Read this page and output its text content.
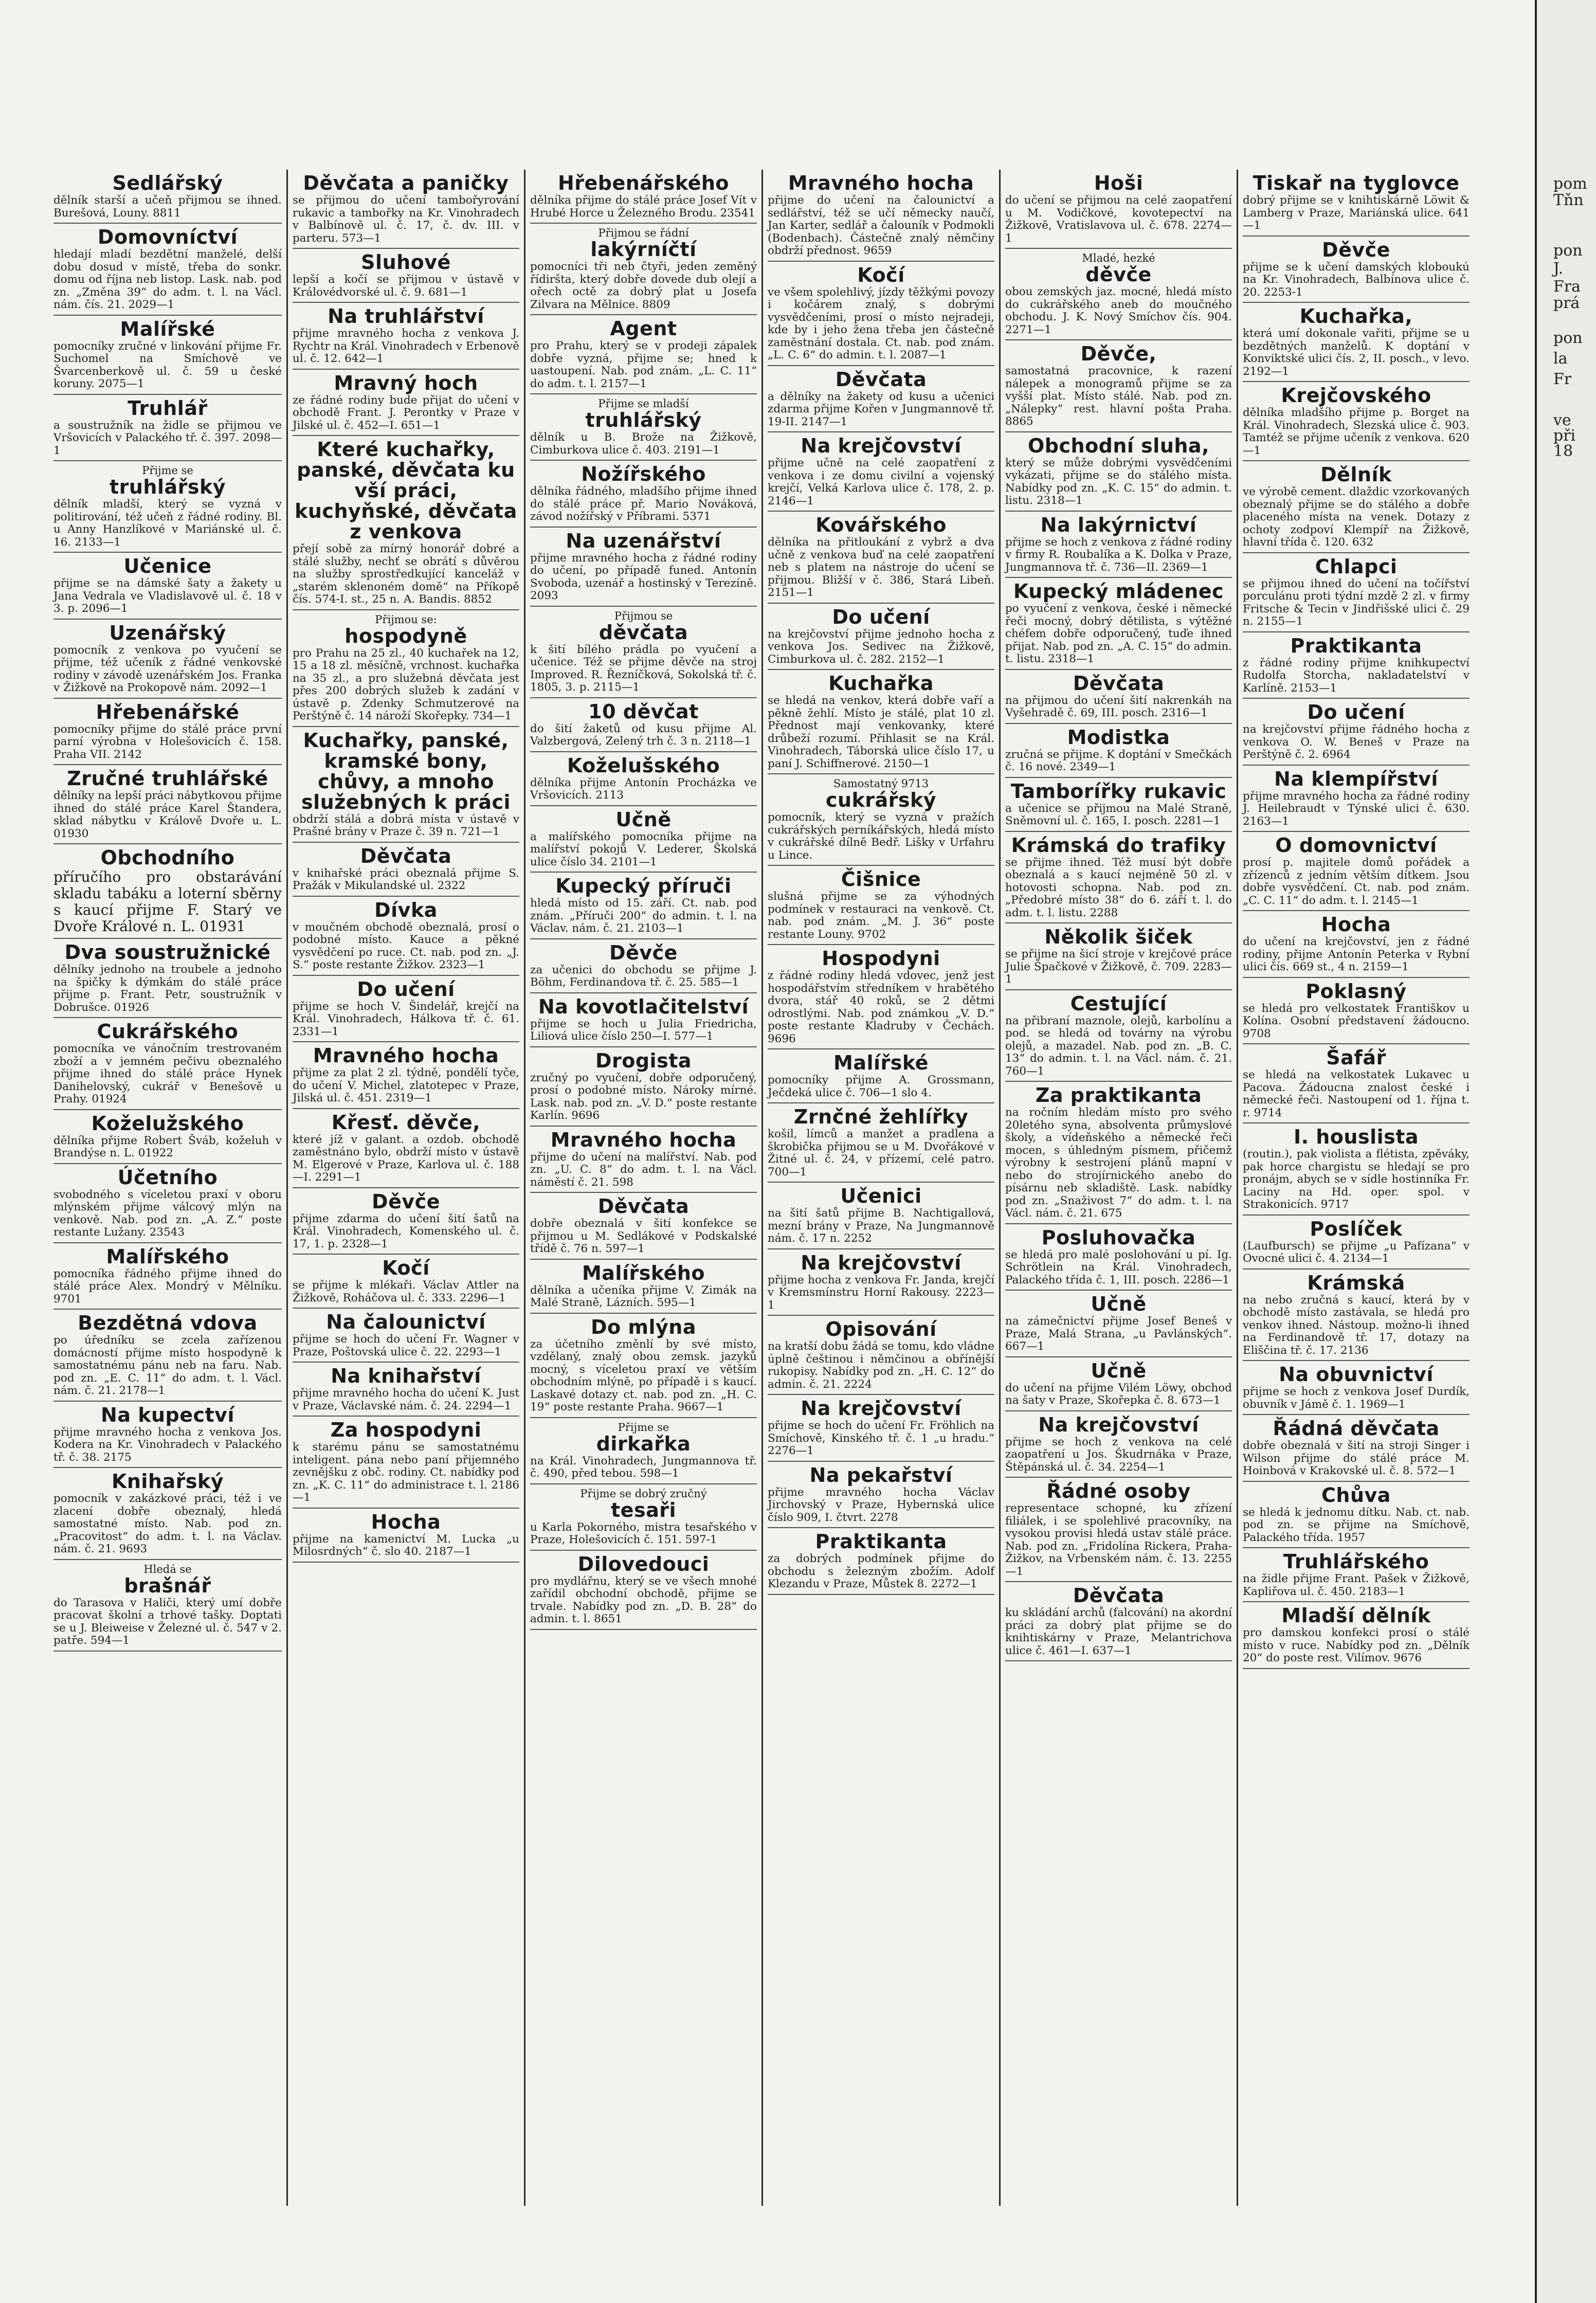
Sedlářský

dělník starší a učeň přijmou se ihned. Burešová, Louny. 8811

Domovníctví

hledají mladí bezdětní manželé, delší dobu dosud v místě, třeba do sonkr. domu od října neb listop. Lask. nab. pod zn. „Změna 39“ do adm. t. l. na Václ. nám. čís. 21. 2029—1

Malířské

pomocníky zručné v linkování přijme Fr. Suchomel na Smíchově ve Švarcenberkově ul. č. 59 u české koruny. 2075—1

Truhlář

a soustružník na židle se přijmou ve Vršovicích v Palackého tř. č. 397. 2098—1

Přijme se

truhlářský

dělník mladší, který se vyzná v politirování, též učeň z řádné rodiny. Bl. u Anny Hanzlíkové v Mariánské ul. č. 16. 2133—1

Učenice

přijme se na dámské šaty a žakety u Jana Vedrala ve Vladislavově ul. č. 18 v 3. p. 2096—1

Uzenářský

pomocník z venkova po vyučení se přijme, též učeník z řádné venkovské rodiny v závodě uzenářském Jos. Franka v Žižkově na Prokopově nám. 2092—1

Hřebenářské

pomocníky přijme do stálé práce první parní výrobna v Holešovicích č. 158. Praha VII. 2142

Zručné truhlářské

dělníky na lepší práci nábytkovou přijme ihned do stálé práce Karel Štandera, sklad nábytku v Králově Dvoře u. L. 01930

Obchodního

příručího pro obstarávání skladu tabáku a loterní sběrny s kaucí přijme F. Starý ve Dvoře Králové n. L. 01931

Dva soustružnické

dělníky jednoho na troubele a jednoho na špičky k dýmkám do stálé práce přijme p. Frant. Petr, soustružník v Dobrušce. 01926

Cukrářského

pomocníka ve vánočním trestrovaném zboží a v jemném pečivu obeznalého přijme ihned do stálé práce Hynek Danihelovský, cukrář v Benešově u Prahy. 01924

Koželužského

dělníka přijme Robert Šváb, koželuh v Brandýse n. L. 01922

Účetního

svobodného s víceletou praxí v oboru mlýnském přijme válcový mlýn na venkově. Nab. pod zn. „A. Z.“ poste restante Lužany. 23543

Malířského

pomocníka řádného přijme ihned do stálé práce Alex. Mondrý v Mělníku. 9701

Bezdětná vdova

po úředníku se zcela zařízenou domácností přijme místo hospodyně k samostatnému pánu neb na faru. Nab. pod zn. „E. C. 11“ do adm. t. l. Václ. nám. č. 21. 2178—1

Na kupectví

přijme mravného hocha z venkova Jos. Kodera na Kr. Vinohradech v Palackého tř. č. 38. 2175

Knihařský

pomocník v zakázkové práci, též i ve zlacení dobře obeznalý, hledá samostatné místo. Nab. pod zn. „Pracovitost“ do adm. t. l. na Václav. nám. č. 21. 9693

Hledá se

brašnář

do Tarasova v Haliči, který umí dobře pracovat školní a trhové tašky. Doptati se u J. Bleiweise v Železné ul. č. 547 v 2. patře. 594—1

Děvčata a paničky

se přijmou do učení tambořyrování rukavic a tambořky na Kr. Vinohradech v Balbínově ul. č. 17, č. dv. III. v parteru. 573—1

Sluhové

lepší a kočí se přijmou v ústavě v Královédvorské ul. č. 9. 681—1

Na truhlářství

přijme mravného hocha z venkova J. Rychtr na Král. Vinohradech v Erbenově ul. č. 12. 642—1

Mravný hoch

ze řádné rodiny bude přijat do učení v obchodě Frant. J. Perontky v Praze v Jilské ul. č. 452—I. 651—1

Které kuchařky, panské, děvčata ku vší práci, kuchyňské, děvčata z venkova

přejí sobě za mírný honorář dobré a stálé služby, nechť se obrátí s důvěrou na služby sprostředkující kanceláž v „starém sklenoném domě“ na Příkopě čís. 574-I. st., 25 n. A. Bandis. 8852

Přijmou se:

hospodyně

pro Prahu na 25 zl., 40 kuchařek na 12, 15 a 18 zl. měsíčně, vrchnost. kuchařka na 35 zl., a pro služebná děvčata jest přes 200 dobrých služeb k zadání v ústavě p. Zdenky Schmutzerové na Perštýně č. 14 nároží Skořepky. 734—1

Kuchařky, panské, kramské bony, chůvy, a mnoho služebných k práci

obdrží stálá a dobrá místa v ústavě v Prašné brány v Praze č. 39 n. 721—1

Děvčata

v knihařské práci obeznalá přijme S. Pražák v Mikulandské ul. 2322

Dívka

v moučném obchodě obeznalá, prosí o podobné místo. Kauce a pěkné vysvědčení po ruce. Ct. nab. pod zn. „J. S.“ poste restante Žižkov. 2323—1

Do učení

přijme se hoch V. Šindelář, krejčí na Král. Vinohradech, Hálkova tř. č. 61. 2331—1

Mravného hocha

přijme za plat 2 zl. týdně, pondělí tyče, do učení V. Michel, zlatotepec v Praze, Jilská ul. č. 451. 2319—1

Křesť. děvče,

které jíž v galant. a ozdob. obchodě zaměstnáno bylo, obdrží místo v ústavě M. Elgerové v Praze, Karlova ul. č. 188—I. 2291—1

Děvče

přijme zdarma do učení šití šatů na Král. Vinohradech, Komenského ul. č. 17, 1. p. 2328—1

Kočí

se přijme k mlékaři. Václav Attler na Žižkově, Roháčova ul. č. 333. 2296—1

Na čalounictví

přijme se hoch do učení Fr. Wagner v Praze, Poštovská ulice č. 22. 2293—1

Na knihařství

přijme mravného hocha do učení K. Just v Praze, Václavské nám. č. 24. 2294—1

Za hospodyni

k starému pánu se samostatnému inteligent. pána nebo paní přijemného zevnějšku z obč. rodiny. Ct. nabídky pod zn. „K. C. 11“ do administrace t. l. 2186—1

Hocha

přijme na kamenictví M. Lucka „u Milosrdných“ č. slo 40. 2187—1

Hřebenářského

dělníka přijme do stálé práce Josef Vít v Hrubé Horce u Železného Brodu. 23541

Přijmou se řádní

lakýrníčtí

pomocníci tři neb čtyři, jeden zeměný řídiršta, který dobře dovede dub olejí a ořech octě za dobrý plat u Josefa Zilvara na Mělnice. 8809

Agent

pro Prahu, který se v prodeji zápalek dobře vyzná, přijme se; hned k uastoupení. Nab. pod znám. „L. C. 11“ do adm. t. l. 2157—1

Přijme se mladší

truhlářský

dělník u B. Brože na Žižkově, Cimburkova ulice č. 403. 2191—1

Nožířského

dělníka řádného, mladšího přijme ihned do stálé práce př. Mario Nováková, závod nožířský v Příbrami. 5371

Na uzenářství

přijme mravného hocha z řádné rodiny do učení, po případě funed. Antonín Svoboda, uzenář a hostinský v Terezíně. 2093

Přijmou se

děvčata

k šití bílého prádla po vyučení a učenice. Též se přijme děvče na stroj Improved. R. Řezníčková, Sokolská tř. č. 1805, 3. p. 2115—1

10 děvčat

do šití žaketů od kusu přijme Al. Valzbergová, Zelený trh č. 3 n. 2118—1

Koželušského

dělníka přijme Antonín Procházka ve Vršovicích. 2113

Učně

a malířského pomocníka přijme na malířství pokojů V. Lederer, Školská ulice číslo 34. 2101—1

Kupecký příruči

hledá místo od 15. září. Ct. nab. pod znám. „Příruči 200“ do admin. t. l. na Václav. nám. č. 21. 2103—1

Děvče

za učenici do obchodu se přijme J. Böhm, Ferdinandova tř. č. 25. 585—1

Na kovotlačitelství

přijme se hoch u Julia Friedricha, Liliová ulice číslo 250—I. 577—1

Drogista

zručný po vyučení, dobře odporučený, prosí o podobné místo. Nároky mírné. Lask. nab. pod zn. „V. D.“ poste restante Karlín. 9696

Mravného hocha

přijme do učení na malířství. Nab. pod zn. „U. C. 8“ do adm. t. l. na Václ. náměstí č. 21. 598

Děvčata

dobře obeznalá v šití konfekce se přijmou u M. Sedlákové v Podskalské třídě č. 76 n. 597—1

Malířského

dělníka a učeníka přijme V. Zimák na Malé Straně, Lázních. 595—1

Do mlýna

za účetního změnlí by své místo, vzdělaný, znalý obou zemsk. jazyků mocný, s víceletou praxí ve větším obchodním mlýně, po případě i s kaucí. Laskavé dotazy ct. nab. pod zn. „H. C. 19“ poste restante Praha. 9667—1

Přijme se

dirkařka

na Král. Vinohradech, Jungmannova tř. č. 490, před tebou. 598—1

Přijme se dobrý zručný

tesaři

u Karla Pokorného, mistra tesařského v Praze, Holešovicích č. 151. 597-1

Dilovedouci

pro mydlářnu, který se ve všech mnohé zařídil obchodní obchodě, přijme se trvale. Nabídky pod zn. „D. B. 28“ do admin. t. l. 8651

Mravného hocha

přijme do učení na čalounictví a sedlářství, též se učí německy naučí, Jan Karter, sedlář a čalouník v Podmokli (Bodenbach). Částečně znalý němčiny obdrží přednost. 9659

Kočí

ve všem spolehlivý, jízdy těžkými povozy i kočárem znalý, s dobrými vysvědčeními, prosí o místo nejradeji, kde by i jeho žena třeba jen částečně zaměstnání dostala. Ct. nab. pod znám. „L. C. 6“ do admin. t. l. 2087—1

Děvčata

a dělníky na žakety od kusu a učenici zdarma přijme Kořen v Jungmannově tř. 19-II. 2147—1

Na krejčovství

přijme učně na celé zaopatření z venkova i ze domu civilní a vojenský krejčí, Velká Karlova ulice č. 178, 2. p. 2146—1

Kovářského

dělníka na přitloukání z vybrž a dva učně z venkova buď na celé zaopatření neb s platem na nástroje do učení se přijmou. Bližší v č. 386, Stará Libeň. 2151—1

Do učení

na krejčovství přijme jednoho hocha z venkova Jos. Sedivec na Žižkově, Cimburkova ul. č. 282. 2152—1

Kuchařka

se hledá na venkov, která dobře vaří a pěkně žehlí. Místo je stálé, plat 10 zl. Přednost mají venkovanky, které drůbeží rozumí. Přihlasit se na Král. Vinohradech, Táborská ulice číslo 17, u paní J. Schiffnerové. 2150—1

Samostatný 9713

cukrářský

pomocník, který se vyzná v pražích cukrářských perníkářských, hledá místo v cukrářské dílně Bedř. Lišky v Urfahru u Lince.

Čišnice

slušná přijme se za výhodných podmínek v restauraci na venkově. Ct. nab. pod znám. „M. J. 36“ poste restante Louny. 9702

Hospodyni

z řádné rodiny hledá vdovec, jenž jest hospodářstvím středníkem v hrabětého dvora, stář 40 roků, se 2 dětmi odrostlými. Nab. pod známkou „V. D.“ poste restante Kladruby v Čechách. 9696

Malířské

pomocníky přijme A. Grossmann, Ječdeká ulice č. 706—1 slo 4.

Zrnčné žehlířky

košil, límců a manžet a pradlena a škrobička přijmou se u M. Dvořákové v Žitné ul. č. 24, v přízemí, celé patro. 700—1

Učenici

na šití šatů přijme B. Nachtigallová, mezní brány v Praze, Na Jungmannově nám. č. 17 n. 2252

Na krejčovství

přijme hocha z venkova Fr. Janda, krejčí v Kremsmínstru Horní Rakousy. 2223—1

Opisování

na kratší dobu žádá se tomu, kdo vládne úplně češtinou i němčinou a obřínější rukopisy. Nabídky pod zn. „H. C. 12“ do admin. č. 21. 2224

Na krejčovství

přijme se hoch do učení Fr. Fröhlich na Smíchově, Kinského tř. č. 1 „u hradu.“ 2276—1

Na pekařství

přijme mravného hocha Václav Jirchovský v Praze, Hybernská ulice číslo 909, I. čtvrt. 2278

Praktikanta

za dobrých podmínek přijme do obchodu s železným zbožím. Adolf Klezandu v Praze, Můstek 8. 2272—1

Hoši

do učení se přijmou na celé zaopatření u M. Vodičkové, kovotepectví na Žižkově, Vratislavova ul. č. 678. 2274—1

Mladé, hezké

děvče

obou zemských jaz. mocné, hledá místo do cukrářského aneb do moučného obchodu. J. K. Nový Smíchov čís. 904. 2271—1

Děvče,

samostatná pracovnice, k razení nálepek a monogramů přijme se za vyšší plat. Místo stálé. Nab. pod zn. „Nálepky“ rest. hlavní pošta Praha. 8865

Obchodní sluha,

který se může dobrými vysvědčeními vykázati, přijme se do stálého místa. Nabídky pod zn. „K. C. 15“ do admin. t. listu. 2318—1

Na lakýrnictví

přijme se hoch z venkova z řádné rodiny v firmy R. Roubalíka a K. Dolka v Praze, Jungmannova tř. č. 736—II. 2369—1

Kupecký mládenec

po vyučení z venkova, české i německé řeči mocný, dobrý dětilista, s výtěžné chéfem dobře odporučený, tuďe ihned přijat. Nab. pod zn. „A. C. 15“ do admin. t. listu. 2318—1

Děvčata

na přijmou do učení šití nakrenkáh na Vyšehradě č. 69, III. posch. 2316—1

Modistka

zručná se přijme. K doptání v Smečkách č. 16 nové. 2349—1

Tamborířky rukavic

a učenice se přijmou na Malé Straně, Sněmovní ul. č. 165, I. posch. 2281—1

Krámská do trafiky

se přijme ihned. Též musí být dobře obeznalá a s kaucí nejméně 50 zl. v hotovosti schopna. Nab. pod zn. „Předobré místo 38“ do 6. září t. l. do adm. t. l. listu. 2288

Několik šiček

se přijme na šicí stroje v krejčové práce Julie Špačkové v Žižkově, č. 709. 2283—1

Cestující

na přibraní maznole, olejů, karbolínu a pod. se hledá od továrny na výrobu olejů, a mazadel. Nab. pod zn. „B. C. 13“ do admin. t. l. na Václ. nám. č. 21. 760—1

Za praktikanta

na ročním hledám místo pro svého 20letého syna, absolventa průmyslové školy, a vídeňského a německé řeči mocen, s úhledným písmem, přičemž výrobny k sestrojení plánů mapní v nebo do strojírnického anebo do písárnu neb skladiště. Lask. nabídky pod zn. „Snaživost 7“ do adm. t. l. na Václ. nám. č. 21. 675

Posluhovačka

se hledá pro malé poslohování u pí. Ig. Schrötlein na Král. Vinohradech, Palackého třída č. 1, III. posch. 2286—1

Učně

na zámečnictví přijme Josef Beneš v Praze, Malá Strana, „u Pavlánských“. 667—1

Učně

do učení na přijme Vilém Löwy, obchod na šaty v Praze, Skořepka č. 8. 673—1

Na krejčovství

přijme se hoch z venkova na celé zaopatření u Jos. Škudrnáka v Praze, Štěpánská ul. č. 34. 2254—1

Řádné osoby

representace schopné, ku zřízení filiálek, i se spolehlivé pracovníky, na vysokou provisi hledá ustav stálé práce. Nab. pod zn. „Fridolína Rickera, Praha-Žižkov, na Vrbenském nám. č. 13. 2255—1

Děvčata

ku skládání archů (falcování) na akordní práci za dobrý plat přijme se do knihtiskárny v Praze, Melantrichova ulice č. 461—I. 637—1

Tiskař na tyglovce

dobrý přijme se v knihtiskárně Löwit & Lamberg v Praze, Mariánská ulice. 641—1

Děvče

přijme se k učení damských kloboukú na Kr. Vinohradech, Balbínova ulice č. 20. 2253-1

Kuchařka,

která umí dokonale vařiti, přijme se u bezdětných manželů. K doptání v Konviktské ulici čís. 2, II. posch., v levo. 2192—1

Krejčovského

dělníka mladšího přijme p. Borget na Král. Vinohradech, Slezská ulice č. 903. Tamtéž se přijme učeník z venkova. 620—1

Dělník

ve výrobě cement. dlaždic vzorkovaných obeznalý přijme se do stálého a dobře placeného místa na venek. Dotazy z ochoty zodpoví Klempíř na Žižkově, hlavní třída č. 120. 632

Chlapci

se přijmou ihned do učení na točířství porculánu proti týdní mzdě 2 zl. v firmy Fritsche & Tecin v Jindřišské ulici č. 29 n. 2155—1

Praktikanta

z řádné rodiny přijme knihkupectví Rudolfa Storcha, nakladatelství v Karlíně. 2153—1

Do učení

na krejčovství přijme řádného hocha z venkova O. W. Beneš v Praze na Perštýně č. 2. 6964

Na klempířství

přijme mravného hocha za řádné rodiny J. Heilebraudt v Týnské ulici č. 630. 2163—1

O domovnictví

prosí p. majitele domů pořádek a zřízenců z jedním větším dítkem. Jsou dobře vysvědčení. Ct. nab. pod znám. „C. C. 11“ do adm. t. l. 2145—1

Hocha

do učení na krejčovství, jen z řádné rodiny, přijme Antonín Peterka v Rybní ulici čís. 669 st., 4 n. 2159—1

Poklasný

se hledá pro velkostatek Františkov u Kolína. Osobní představení žádoucno. 9708

Šafář

se hledá na velkostatek Lukavec u Pacova. Žádoucna znalost české i německé řeči. Nastoupení od 1. října t. r. 9714

I. houslista

(routin.), pak violista a flétista, zpěváky, pak horce chargistu se hledají se pro pronájm, abych se v sídle hostinníka Fr. Laciny na Hd. oper. spol. v Strakonicích. 9717

Poslíček

(Laufbursch) se přijme „u Pafízana“ v Ovocné ulici č. 4. 2134—1

Krámská

na nebo zručná s kaucí, která by v obchodě místo zastávala, se hledá pro venkov ihned. Nástoup. možno-li ihned na Ferdinandově tř. 17, dotazy na Eliščina tř. č. 17. 2136

Na obuvnictví

přijme se hoch z venkova Josef Durdík, obuvník v Jámě č. 1. 1969—1

Řádná děvčata

dobře obeznalá v šití na stroji Singer i Wilson přijme do stálé práce M. Hoinbová v Krakovské ul. č. 8. 572—1

Chůva

se hledá k jednomu dítku. Nab. ct. nab. pod zn. se přijme na Smíchově, Palackého třída. 1957

Truhlářského

na židle přijme Frant. Pašek v Žižkově, Kapliřova ul. č. 450. 2183—1

Mladší dělník

pro damskou konfekci prosí o stálé místo v ruce. Nabídky pod zn. „Dělník 20“ do poste rest. Vilímov. 9676

pom
Tňn
pon
J.
Fra
prá
pon
la
Fr
ve
při
18
